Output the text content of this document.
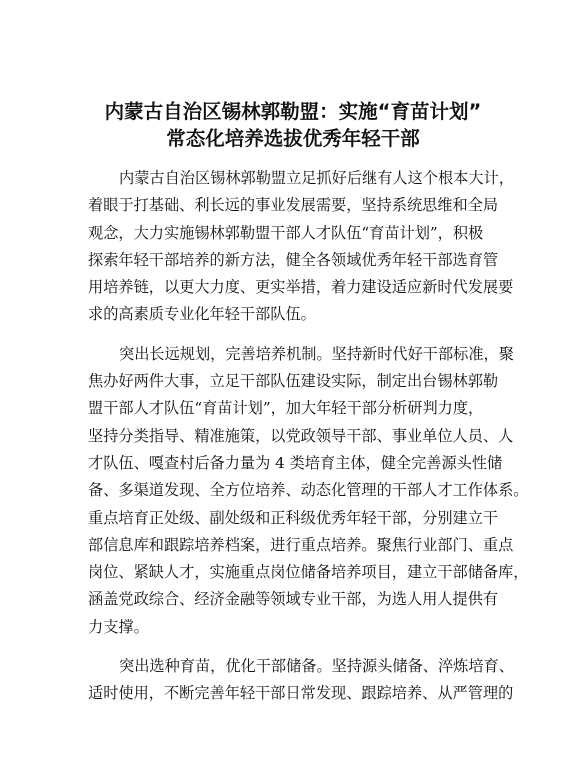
内蒙古自治区锡林郭勒盟：实施“育苗计划”
常态化培养选拔优秀年轻干部

内蒙古自治区锡林郭勒盟立足抓好后继有人这个根本大计，
着眼于打基础、利长远的事业发展需要，坚持系统思维和全局
观念，大力实施锡林郭勒盟干部人才队伍“育苗计划”，积极
探索年轻干部培养的新方法，健全各领域优秀年轻干部选育管
用培养链，以更大力度、更实举措，着力建设适应新时代发展要
求的高素质专业化年轻干部队伍。

突出长远规划，完善培养机制。坚持新时代好干部标准，聚
焦办好两件大事，立足干部队伍建设实际，制定出台锡林郭勒
盟干部人才队伍“育苗计划”，加大年轻干部分析研判力度，
坚持分类指导、精准施策，以党政领导干部、事业单位人员、人
才队伍、嘎查村后备力量为 4 类培育主体，健全完善源头性储
备、多渠道发现、全方位培养、动态化管理的干部人才工作体系。
重点培育正处级、副处级和正科级优秀年轻干部，分别建立干
部信息库和跟踪培养档案，进行重点培养。聚焦行业部门、重点
岗位、紧缺人才，实施重点岗位储备培养项目，建立干部储备库，
涵盖党政综合、经济金融等领域专业干部，为选人用人提供有
力支撑。

突出选种育苗，优化干部储备。坚持源头储备、淬炼培育、
适时使用，不断完善年轻干部日常发现、跟踪培养、从严管理的
